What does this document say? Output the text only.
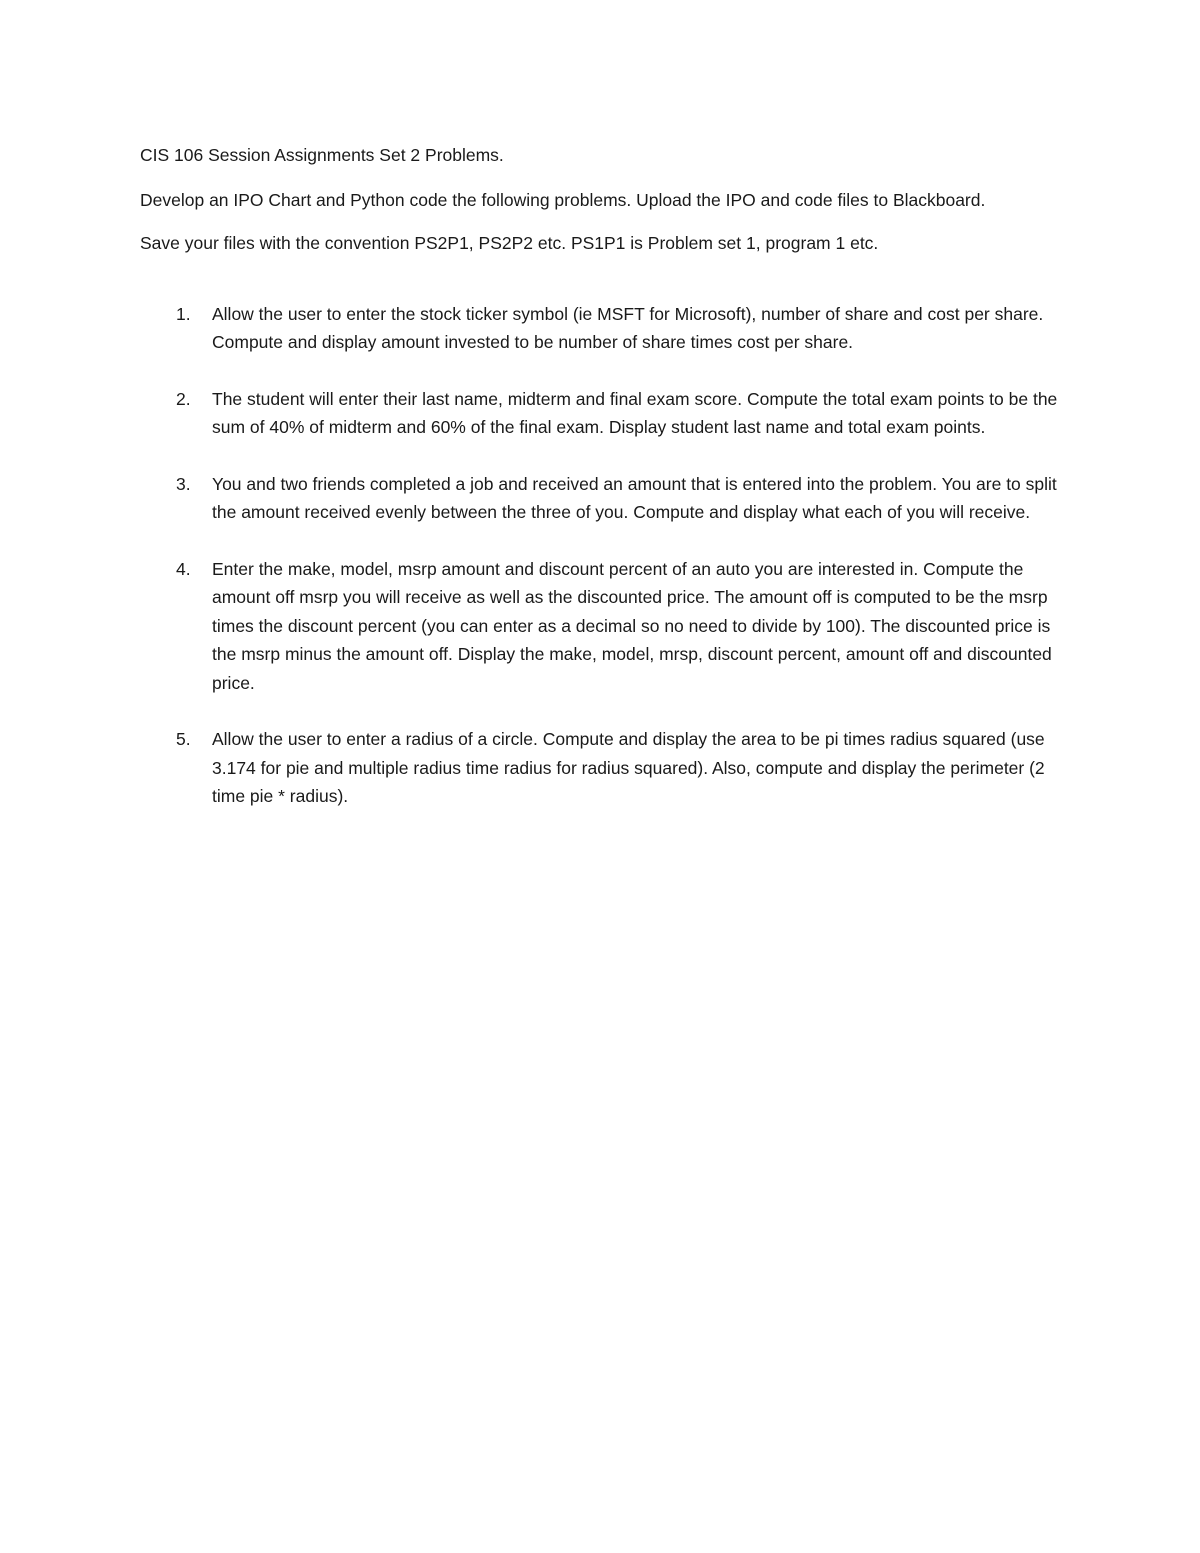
CIS 106 Session Assignments Set 2 Problems.

Develop an IPO Chart and Python code the following problems. Upload the IPO and code files to Blackboard.

Save your files with the convention PS2P1, PS2P2 etc. PS1P1 is Problem set 1, program 1 etc.

1. Allow the user to enter the stock ticker symbol (ie MSFT for Microsoft), number of share and cost per share. Compute and display amount invested to be number of share times cost per share.
2. The student will enter their last name, midterm and final exam score. Compute the total exam points to be the sum of 40% of midterm and 60% of the final exam. Display student last name and total exam points.
3. You and two friends completed a job and received an amount that is entered into the problem. You are to split the amount received evenly between the three of you. Compute and display what each of you will receive.
4. Enter the make, model, msrp amount and discount percent of an auto you are interested in. Compute the amount off msrp you will receive as well as the discounted price. The amount off is computed to be the msrp times the discount percent (you can enter as a decimal so no need to divide by 100). The discounted price is the msrp minus the amount off. Display the make, model, mrsp, discount percent, amount off and discounted price.
5. Allow the user to enter a radius of a circle. Compute and display the area to be pi times radius squared (use 3.174 for pie and multiple radius time radius for radius squared). Also, compute and display the perimeter (2 time pie * radius).
